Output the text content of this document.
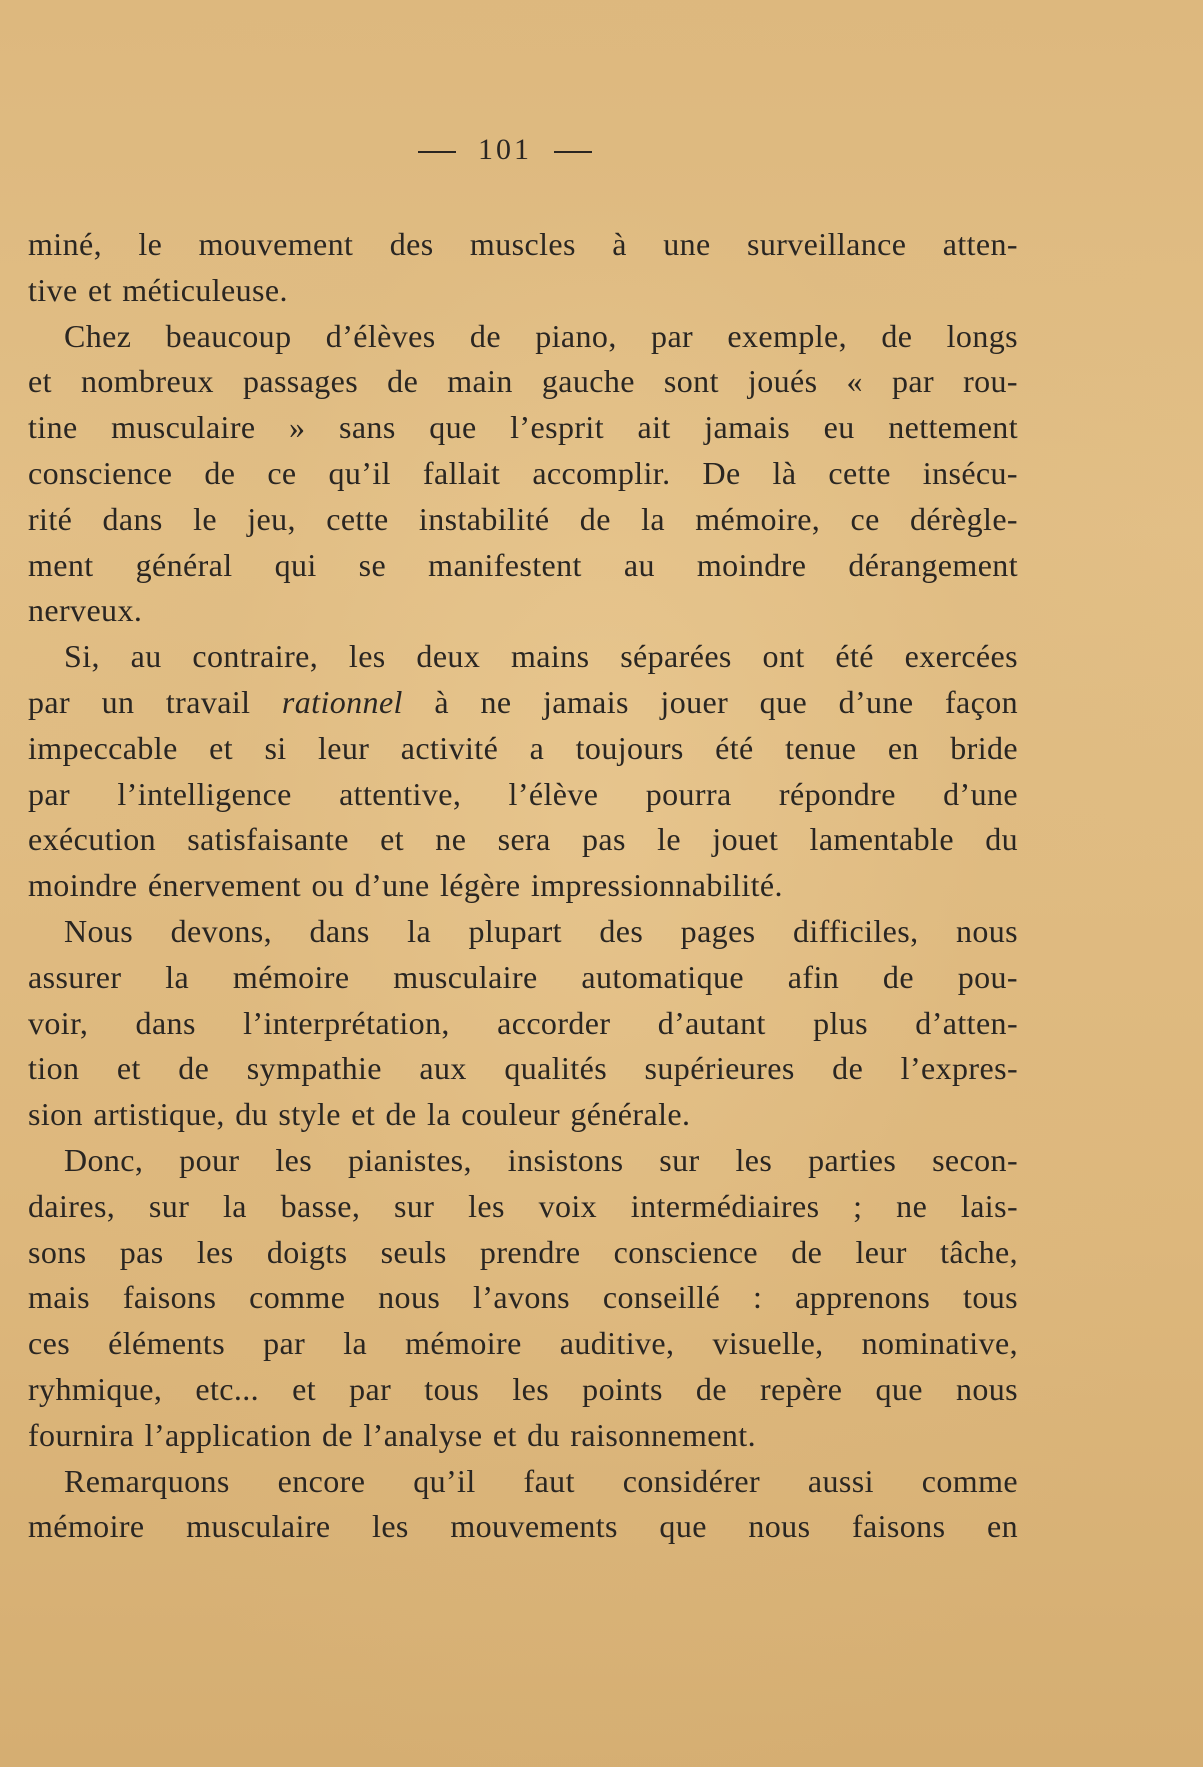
101
miné, le mouvement des muscles à une surveillance atten-
tive et méticuleuse.
Chez beaucoup d’élèves de piano, par exemple, de longs
et nombreux passages de main gauche sont joués « par rou-
tine musculaire » sans que l’esprit ait jamais eu nettement
conscience de ce qu’il fallait accomplir. De là cette insécu-
rité dans le jeu, cette instabilité de la mémoire, ce dérègle-
ment général qui se manifestent au moindre dérangement
nerveux.
Si, au contraire, les deux mains séparées ont été exercées
par un travail rationnel à ne jamais jouer que d’une façon
impeccable et si leur activité a toujours été tenue en bride
par l’intelligence attentive, l’élève pourra répondre d’une
exécution satisfaisante et ne sera pas le jouet lamentable du
moindre énervement ou d’une légère impressionnabilité.
Nous devons, dans la plupart des pages difficiles, nous
assurer la mémoire musculaire automatique afin de pou-
voir, dans l’interprétation, accorder d’autant plus d’atten-
tion et de sympathie aux qualités supérieures de l’expres-
sion artistique, du style et de la couleur générale.
Donc, pour les pianistes, insistons sur les parties secon-
daires, sur la basse, sur les voix intermédiaires ; ne lais-
sons pas les doigts seuls prendre conscience de leur tâche,
mais faisons comme nous l’avons conseillé : apprenons tous
ces éléments par la mémoire auditive, visuelle, nominative,
ryhmique, etc... et par tous les points de repère que nous
fournira l’application de l’analyse et du raisonnement.
Remarquons encore qu’il faut considérer aussi comme
mémoire musculaire les mouvements que nous faisons en
